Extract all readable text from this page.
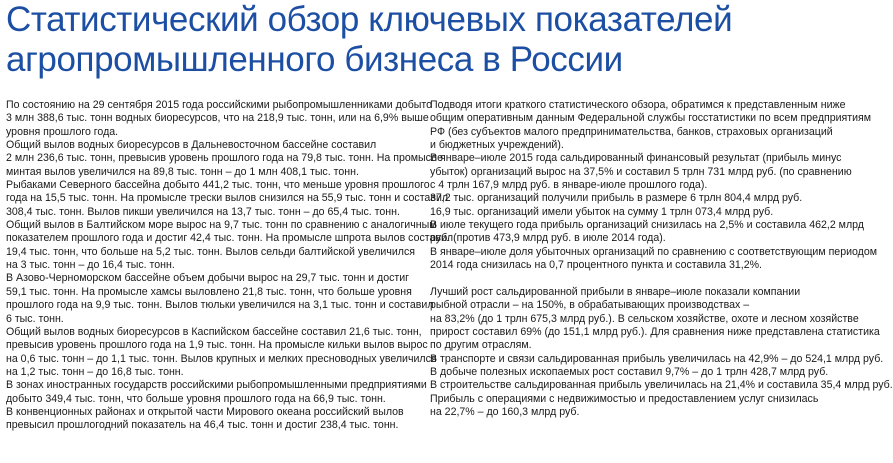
Статистический обзор ключевых показателей
агропромышленного бизнеса в России

По состоянию на 29 сентября 2015 года российскими рыбопромышленниками добыто

3 млн 388,6 тыс. тонн водных биоресурсов, что на 218,9 тыс. тонн, или на 6,9% выше

уровня прошлого года.

Общий вылов водных биоресурсов в Дальневосточном бассейне составил

2 млн 236,6 тыс. тонн, превысив уровень прошлого года на 79,8 тыс. тонн. На промысле

минтая вылов увеличился на 89,8 тыс. тонн – до 1 млн 408,1 тыс. тонн.

Рыбаками Северного бассейна добыто 441,2 тыс. тонн, что меньше уровня прошлого

года на 15,5 тыс. тонн. На промысле трески вылов снизился на 55,9 тыс. тонн и составил

308,4 тыс. тонн. Вылов пикши увеличился на 13,7 тыс. тонн – до 65,4 тыс. тонн.

Общий вылов в Балтийском море вырос на 9,7 тыс. тонн по сравнению с аналогичным

показателем прошлого года и достиг 42,4 тыс. тонн. На промысле шпрота вылов составил

19,4 тыс. тонн, что больше на 5,2 тыс. тонн. Вылов сельди балтийской увеличился

на 3 тыс. тонн – до 16,4 тыс. тонн.

В Азово-Черноморском бассейне объем добычи вырос на 29,7 тыс. тонн и достиг

59,1 тыс. тонн. На промысле хамсы выловлено 21,8 тыс. тонн, что больше уровня

прошлого года на 9,9 тыс. тонн. Вылов тюльки увеличился на 3,1 тыс. тонн и составил

6 тыс. тонн.

Общий вылов водных биоресурсов в Каспийском бассейне составил 21,6 тыс. тонн,

превысив уровень прошлого года на 1,9 тыс. тонн. На промысле кильки вылов вырос

на 0,6 тыс. тонн – до 1,1 тыс. тонн. Вылов крупных и мелких пресноводных увеличился

на 1,2 тыс. тонн – до 16,8 тыс. тонн.

В зонах иностранных государств российскими рыбопромышленными предприятиями

добыто 349,4 тыс. тонн, что больше уровня прошлого года на 66,9 тыс. тонн.

В конвенционных районах и открытой части Мирового океана российский вылов

превысил прошлогодний показатель на 46,4 тыс. тонн и достиг 238,4 тыс. тонн.

Подводя итоги краткого статистического обзора, обратимся к представленным ниже

общим оперативным данным Федеральной службы госстатистики по всем предприятиям

РФ (без субъектов малого предпринимательства, банков, страховых организаций

и бюджетных учреждений).

В январе–июле 2015 года сальдированный финансовый результат (прибыль минус

убыток) организаций вырос на 37,5% и составил 5 трлн 731 млрд руб. (по сравнению

с 4 трлн 167,9 млрд руб. в январе-июле прошлого года).

37,2 тыс. организаций получили прибыль в размере 6 трлн 804,4 млрд руб.

16,9 тыс. организаций имели убыток на сумму 1 трлн 073,4 млрд руб.

В июле текущего года прибыль организаций снизилась на 2,5% и составила 462,2 млрд

руб. (против 473,9 млрд руб. в июле 2014 года).

В январе–июле доля убыточных организаций по сравнению с соответствующим периодом

2014 года снизилась на 0,7 процентного пункта и составила 31,2%.

Лучший рост сальдированной прибыли в январе–июле показали компании

рыбной отрасли – на 150%, в обрабатывающих производствах –

на 83,2% (до 1 трлн 675,3 млрд руб.). В сельском хозяйстве, охоте и лесном хозяйстве

прирост составил 69% (до 151,1 млрд руб.). Для сравнения ниже представлена статистика

по другим отраслям.

В транспорте и связи сальдированная прибыль увеличилась на 42,9% – до 524,1 млрд руб.

В добыче полезных ископаемых рост составил 9,7% – до 1 трлн 428,7 млрд руб.

В строительстве сальдированная прибыль увеличилась на 21,4% и составила 35,4 млрд руб.

Прибыль с операциями с недвижимостью и предоставлением услуг снизилась

на 22,7% – до 160,3 млрд руб.
